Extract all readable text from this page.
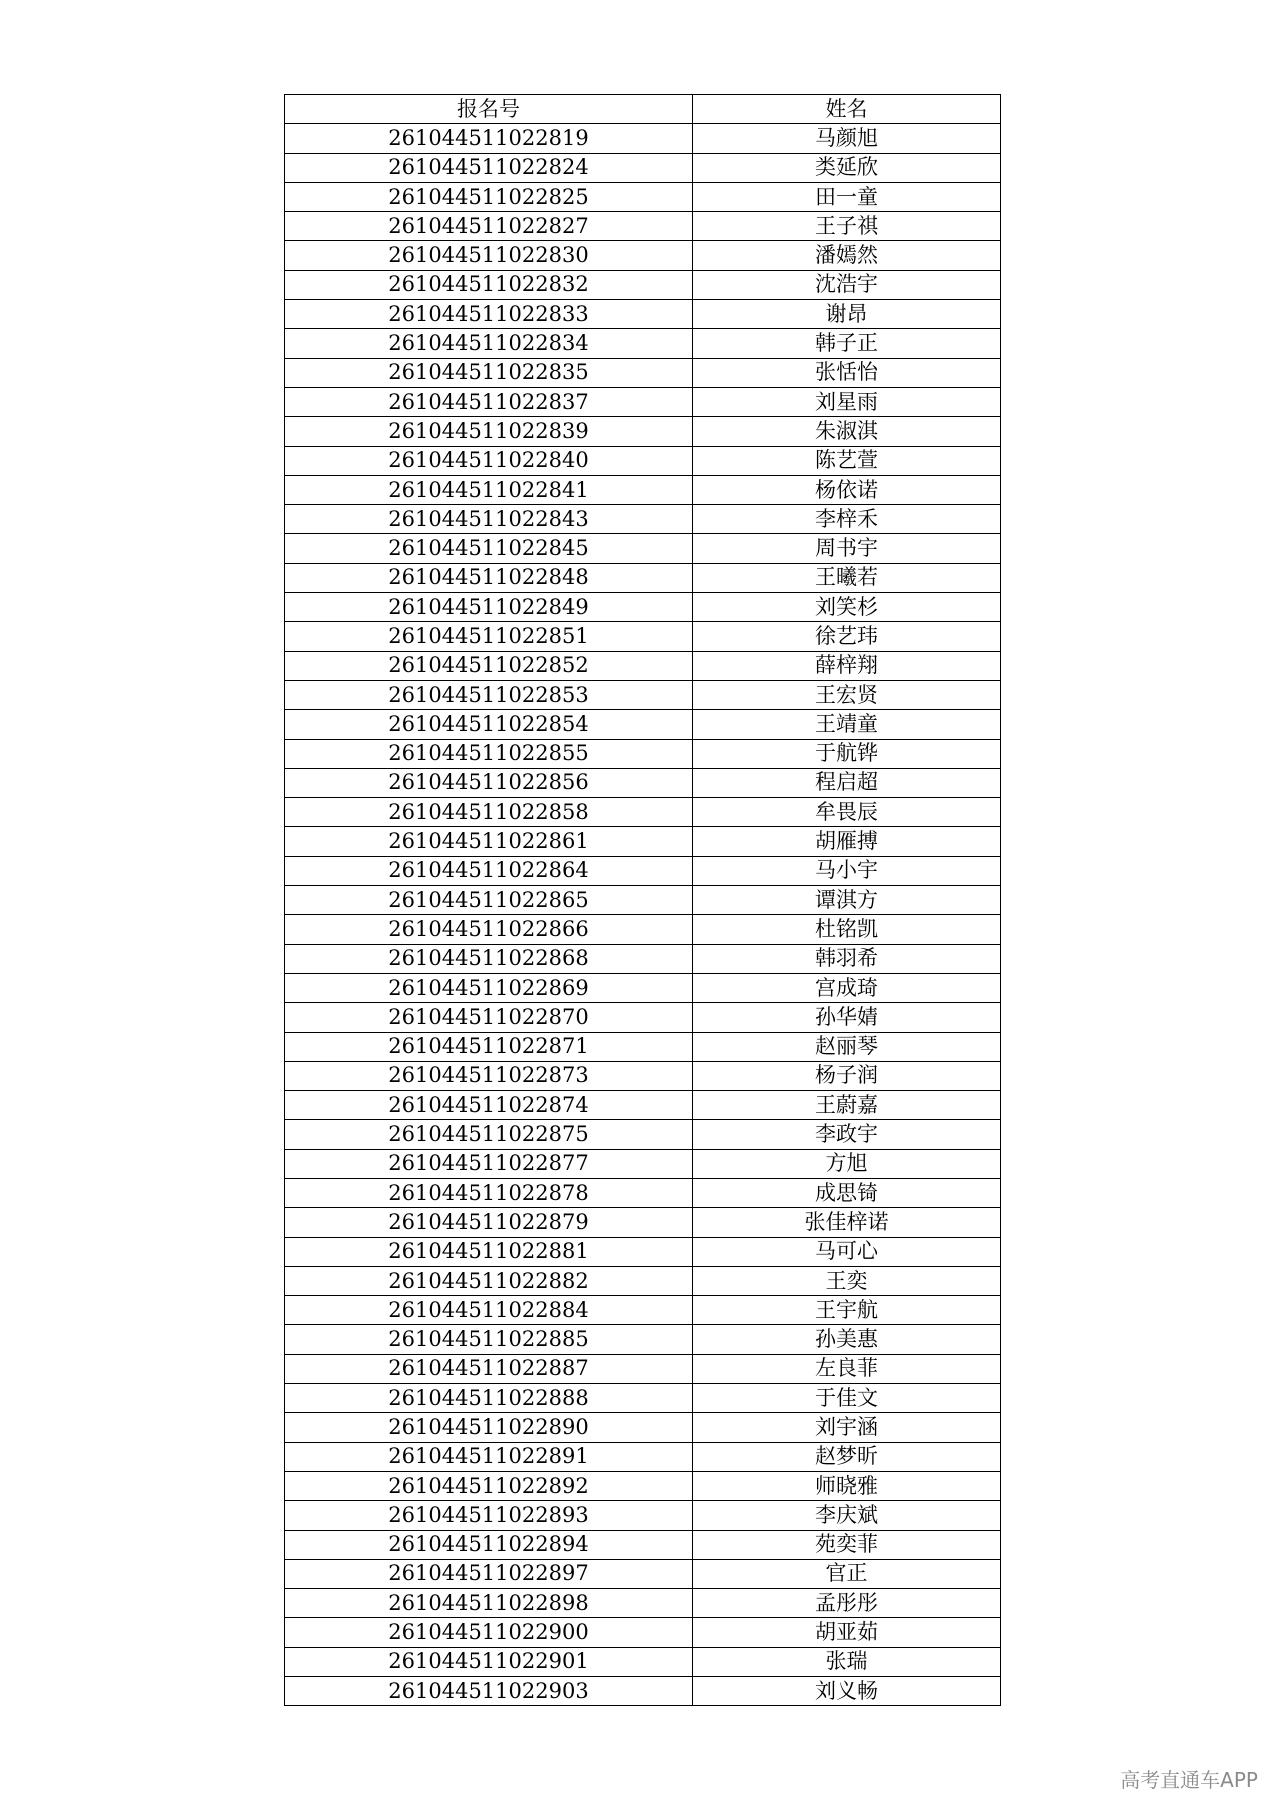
报名号	姓名
261044511022819	马颜旭
261044511022824	类延欣
261044511022825	田一童
261044511022827	王子祺
261044511022830	潘嫣然
261044511022832	沈浩宇
261044511022833	谢昂
261044511022834	韩子正
261044511022835	张恬怡
261044511022837	刘星雨
261044511022839	朱淑淇
261044511022840	陈艺萱
261044511022841	杨依诺
261044511022843	李梓禾
261044511022845	周书宇
261044511022848	王曦若
261044511022849	刘笑杉
261044511022851	徐艺玮
261044511022852	薛梓翔
261044511022853	王宏贤
261044511022854	王靖童
261044511022855	于航铧
261044511022856	程启超
261044511022858	牟畏辰
261044511022861	胡雁搏
261044511022864	马小宇
261044511022865	谭淇方
261044511022866	杜铭凯
261044511022868	韩羽希
261044511022869	宫成琦
261044511022870	孙华婧
261044511022871	赵丽琴
261044511022873	杨子润
261044511022874	王蔚嘉
261044511022875	李政宇
261044511022877	方旭
261044511022878	成思锜
261044511022879	张佳梓诺
261044511022881	马可心
261044511022882	王奕
261044511022884	王宇航
261044511022885	孙美惠
261044511022887	左良菲
261044511022888	于佳文
261044511022890	刘宇涵
261044511022891	赵梦昕
261044511022892	师晓雅
261044511022893	李庆斌
261044511022894	苑奕菲
261044511022897	官正
261044511022898	孟彤彤
261044511022900	胡亚茹
261044511022901	张瑞
261044511022903	刘义畅
高考直通车APP
